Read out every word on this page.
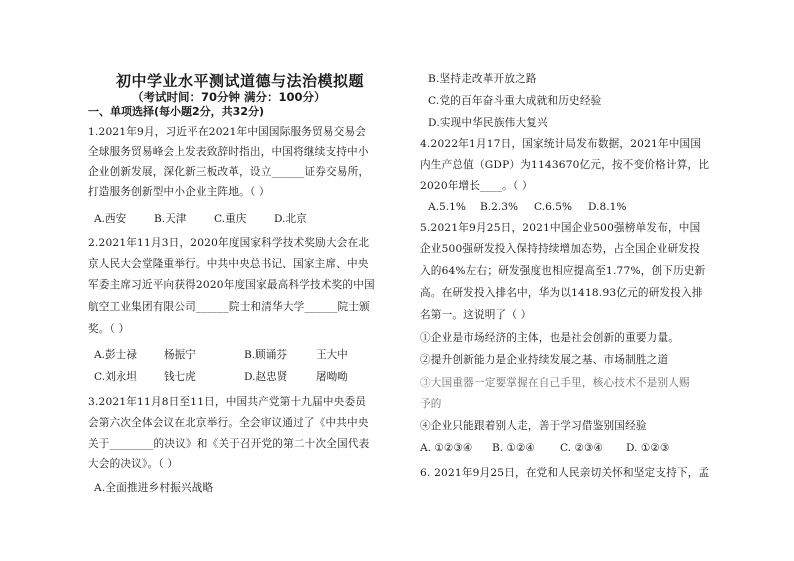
初中学业水平测试道德与法治模拟题
（考试时间：70分钟 满分：100分）
一、单项选择(每小题2分，共32分)
1.2021年9月，习近平在2021年中国国际服务贸易交易会
全球服务贸易峰会上发表致辞时指出，中国将继续支持中小
企业创新发展，深化新三板改革，设立______证券交易所，
打造服务创新型中小企业主阵地。（ ）
A.西安	B.天津	C.重庆	D.北京
2.2021年11月3日，2020年度国家科学技术奖励大会在北
京人民大会堂隆重举行。中共中央总书记、国家主席、中央
军委主席习近平向获得2020年度国家最高科学技术奖的中国
航空工业集团有限公司______院士和清华大学______院士颁
奖。（ ）
A.彭士禄	杨振宁	B.顾诵芬	王大中
C.刘永坦	钱七虎	D.赵忠贤	屠呦呦
3.2021年11月8日至11日，中国共产党第十九届中央委员
会第六次全体会议在北京举行。全会审议通过了《中共中央
关于________的决议》和《关于召开党的第二十次全国代表
大会的决议》。（ ）
A.全面推进乡村振兴战略
B.坚持走改革开放之路
C.党的百年奋斗重大成就和历史经验
D.实现中华民族伟大复兴
4.2022年1月17日，国家统计局发布数据，2021年中国国
内生产总值（GDP）为1143670亿元，按不变价格计算，比
2020年增长____。（ ）
A.5.1% B.2.3% C.6.5% D.8.1%
5.2021年9月25日，2021中国企业500强榜单发布，中国
企业500强研发投入保持持续增加态势，占全国企业研发投
入的64%左右；研发强度也相应提高至1.77%，创下历史新
高。在研发投入排名中，华为以1418.93亿元的研发投入排
名第一。这说明了（ ）
①企业是市场经济的主体，也是社会创新的重要力量。
②提升创新能力是企业持续发展之基、市场制胜之道
③大国重器一定要掌握在自己手里，核心技术不是别人赐
予的
④企业只能跟着别人走，善于学习借鉴别国经验
A. ①②③④ B. ①②④ C. ②③④ D. ①②③
6. 2021年9月25日，在党和人民亲切关怀和坚定支持下，孟
